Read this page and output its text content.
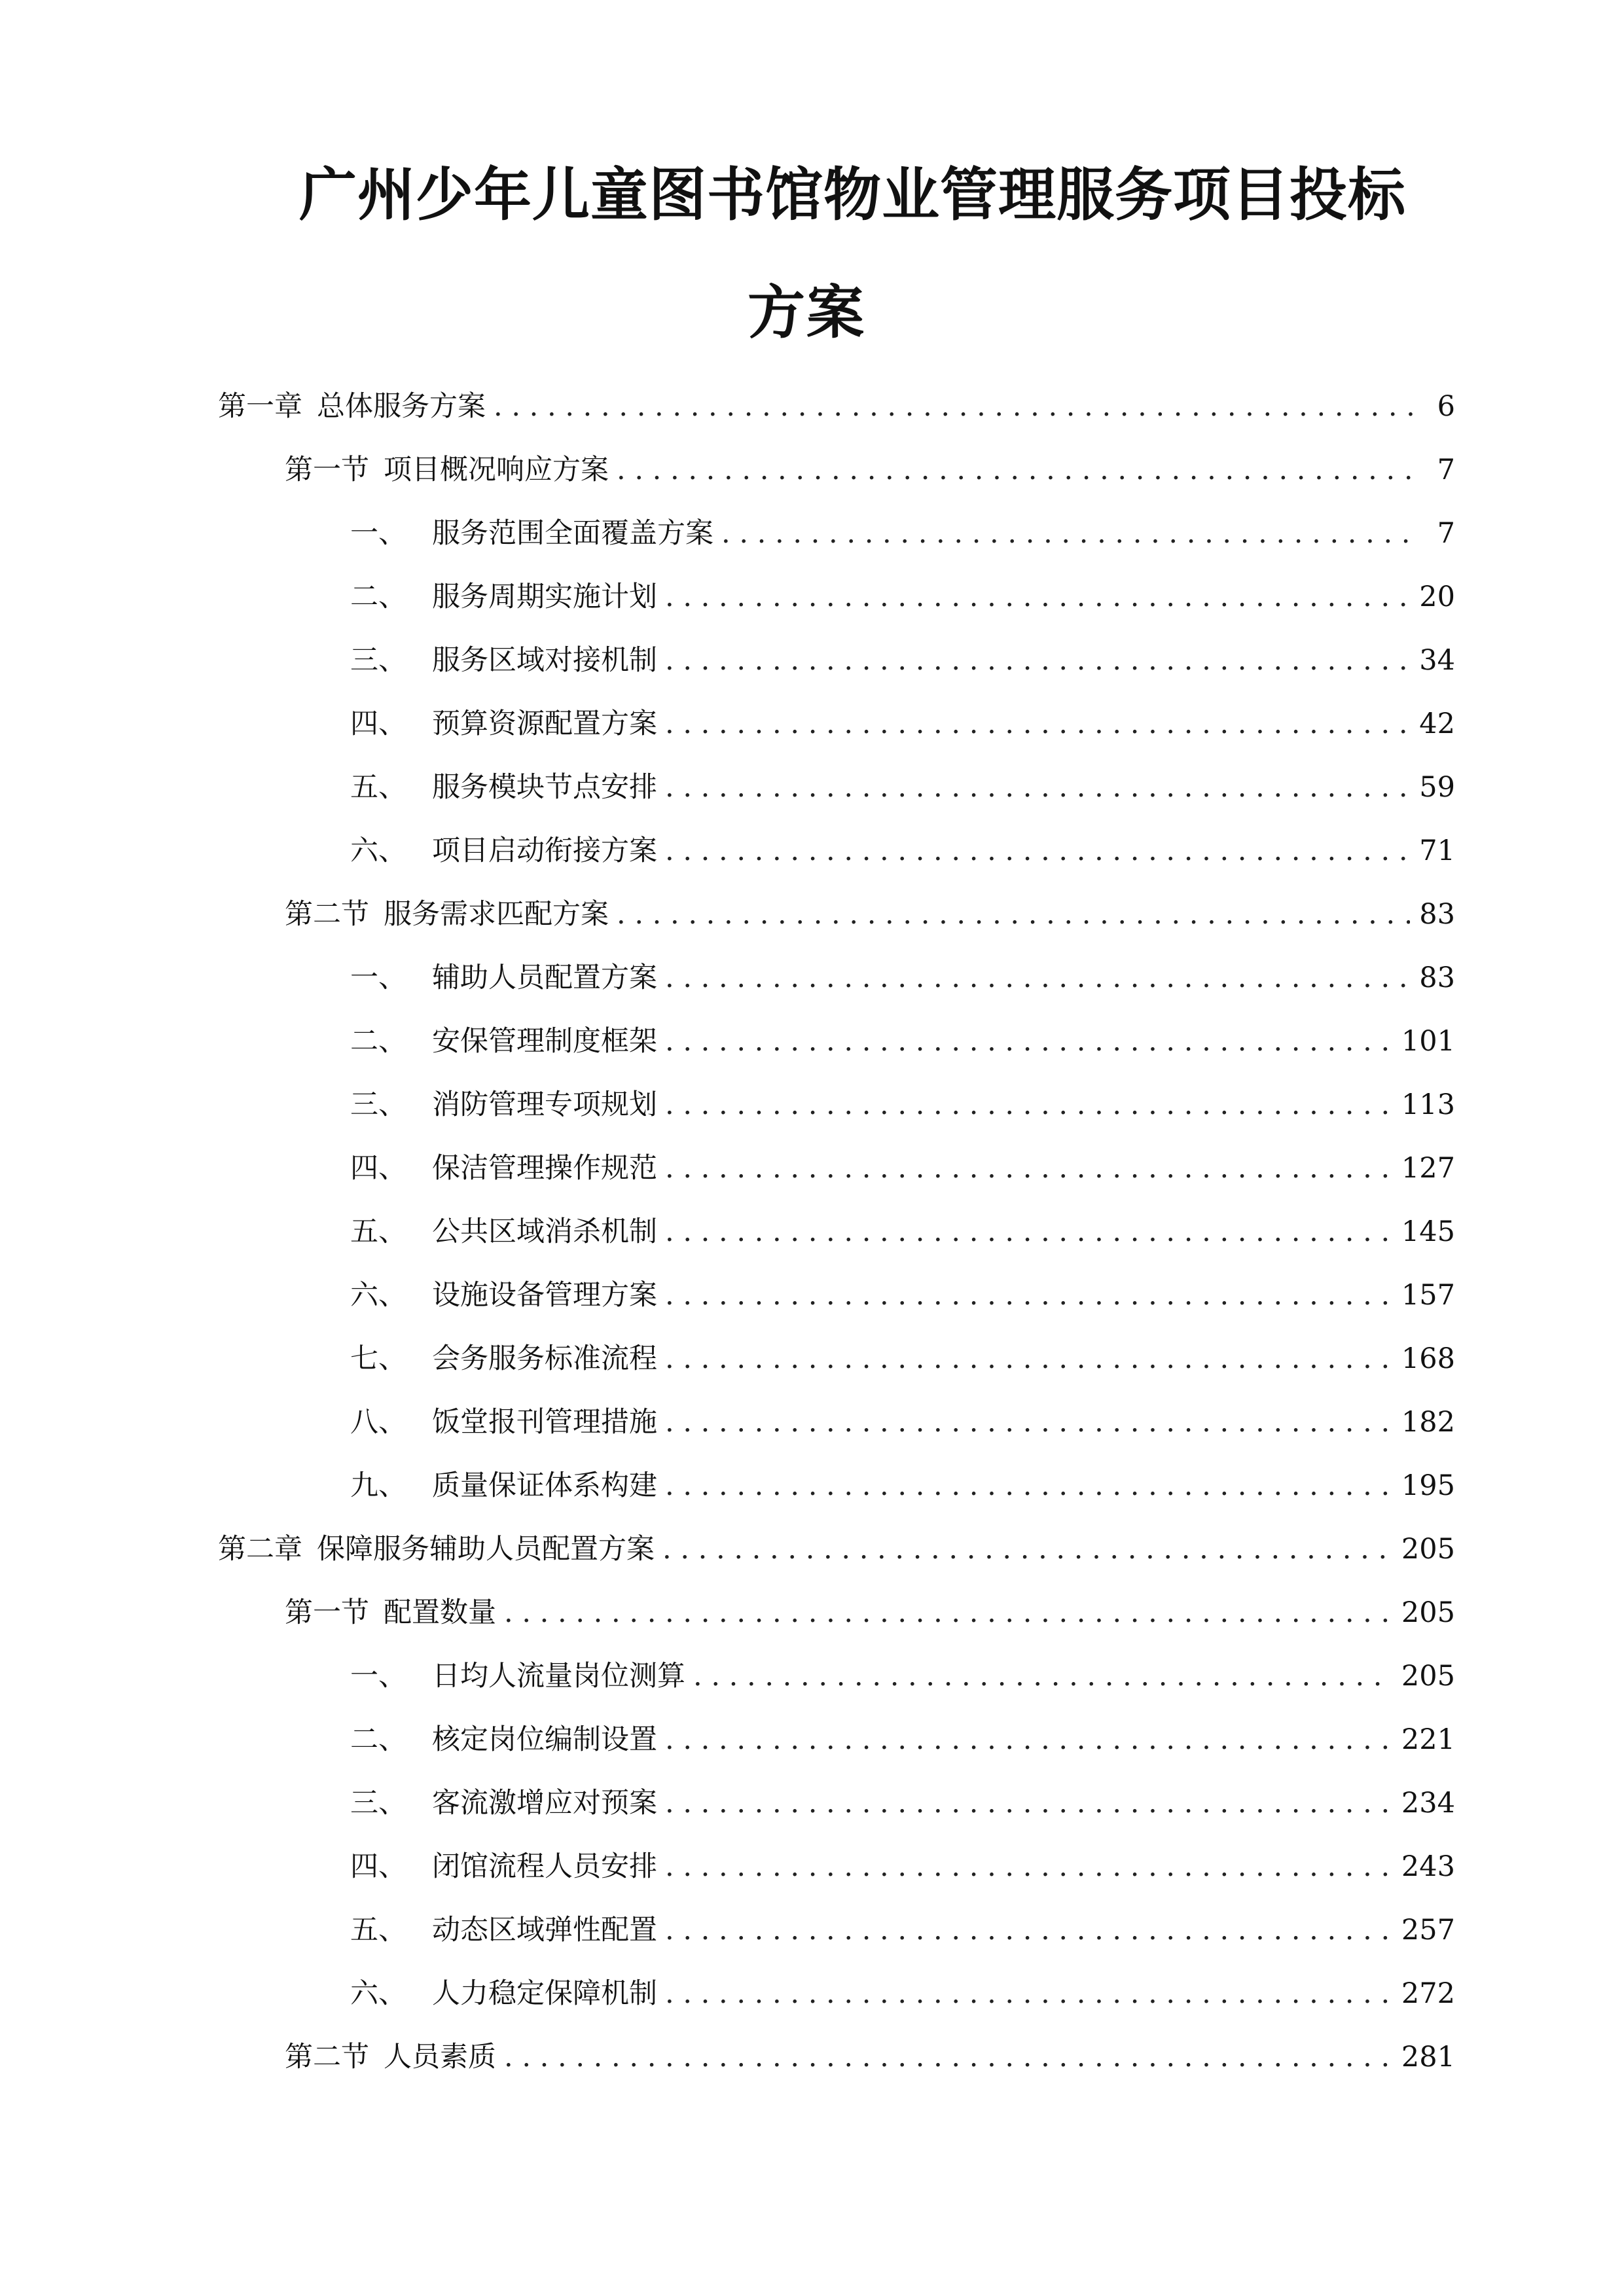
广州少年儿童图书馆物业管理服务项目投标
方案
第一章 总体服务方案 . . .	6
第一节 项目概况响应方案 . . .	7
一、 服务范围全面覆盖方案 . . .	7
二、 服务周期实施计划 . . .	20
三、 服务区域对接机制 . . .	34
四、 预算资源配置方案 . . .	42
五、 服务模块节点安排 . . .	59
六、 项目启动衔接方案 . . .	71
第二节 服务需求匹配方案 . . .	83
一、 辅助人员配置方案 . . .	83
二、 安保管理制度框架 . . .	101
三、 消防管理专项规划 . . .	113
四、 保洁管理操作规范 . . .	127
五、 公共区域消杀机制 . . .	145
六、 设施设备管理方案 . . .	157
七、 会务服务标准流程 . . .	168
八、 饭堂报刊管理措施 . . .	182
九、 质量保证体系构建 . . .	195
第二章 保障服务辅助人员配置方案 . . .	205
第一节 配置数量 . . .	205
一、 日均人流量岗位测算 . . .	205
二、 核定岗位编制设置 . . .	221
三、 客流激增应对预案 . . .	234
四、 闭馆流程人员安排 . . .	243
五、 动态区域弹性配置 . . .	257
六、 人力稳定保障机制 . . .	272
第二节 人员素质 . . .	281
